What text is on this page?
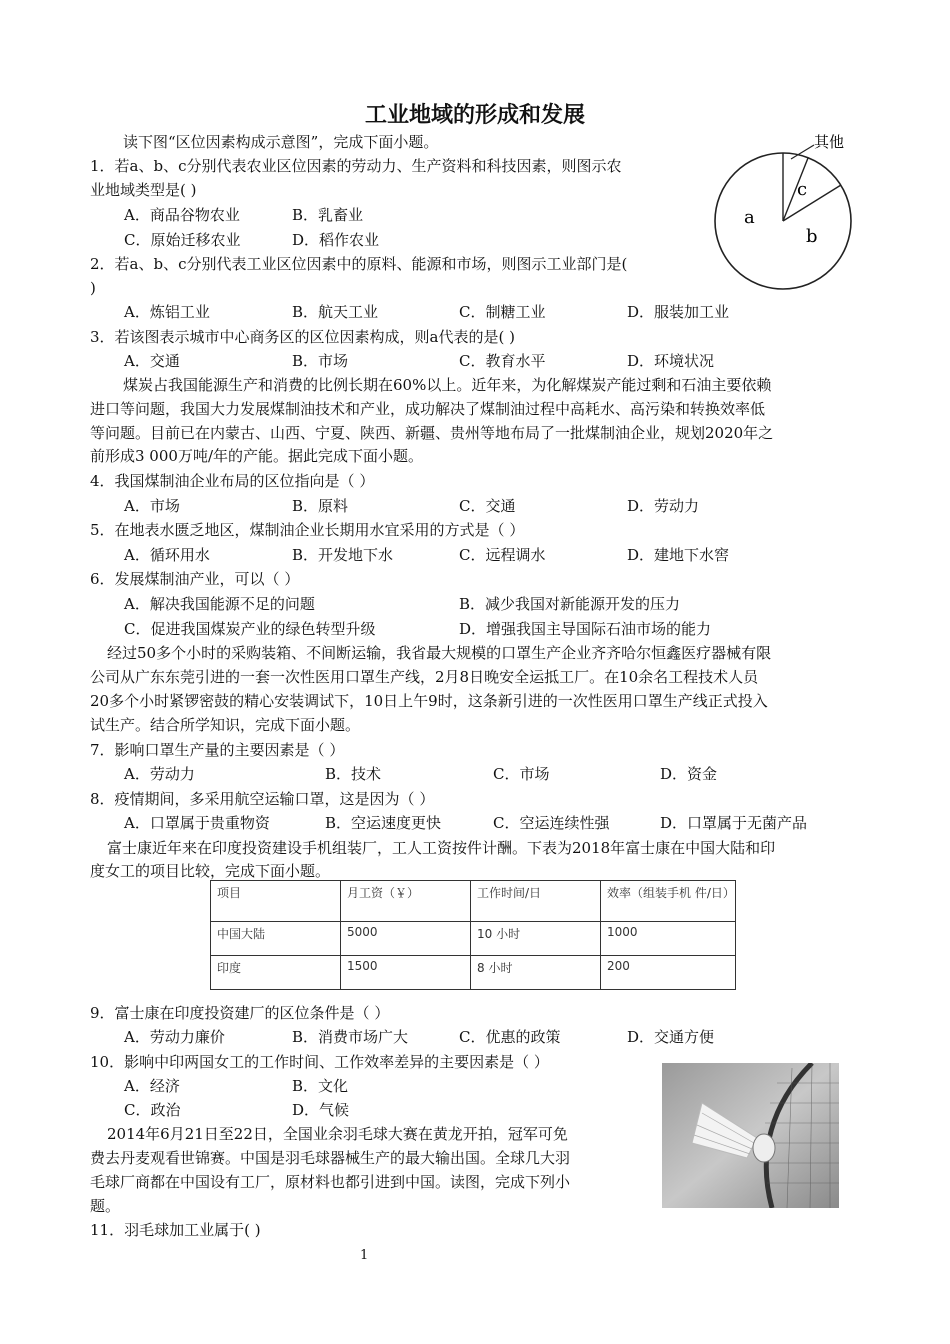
工业地域的形成和发展
读下图“区位因素构成示意图”，完成下面小题。
1．若a、b、c分别代表农业区位因素的劳动力、生产资料和科技因素，则图示农
业地域类型是( )
A．商品谷物农业	B．乳畜业
C．原始迁移农业	D．稻作农业
a
b
c
其他
2．若a、b、c分别代表工业区位因素中的原料、能源和市场，则图示工业部门是(
)
A．炼铝工业	B．航天工业	C．制糖工业	D．服装加工业
3．若该图表示城市中心商务区的区位因素构成，则a代表的是( )
A．交通	B．市场	C．教育水平	D．环境状况
煤炭占我国能源生产和消费的比例长期在60%以上。近年来，为化解煤炭产能过剩和石油主要依赖
进口等问题，我国大力发展煤制油技术和产业，成功解决了煤制油过程中高耗水、高污染和转换效率低
等问题。目前已在内蒙古、山西、宁夏、陕西、新疆、贵州等地布局了一批煤制油企业，规划2020年之
前形成3 000万吨/年的产能。据此完成下面小题。
4．我国煤制油企业布局的区位指向是（ ）
A．市场	B．原料	C．交通	D．劳动力
5．在地表水匮乏地区，煤制油企业长期用水宜采用的方式是（ ）
A．循环用水	B．开发地下水	C．远程调水	D．建地下水窖
6．发展煤制油产业，可以（ ）
A．解决我国能源不足的问题	B．减少我国对新能源开发的压力
C．促进我国煤炭产业的绿色转型升级	D．增强我国主导国际石油市场的能力
经过50多个小时的采购装箱、不间断运输，我省最大规模的口罩生产企业齐齐哈尔恒鑫医疗器械有限
公司从广东东莞引进的一套一次性医用口罩生产线，2月8日晚安全运抵工厂。在10余名工程技术人员
20多个小时紧锣密鼓的精心安装调试下，10日上午9时，这条新引进的一次性医用口罩生产线正式投入
试生产。结合所学知识，完成下面小题。
7．影响口罩生产量的主要因素是（ ）
A．劳动力	B．技术	C．市场	D．资金
8．疫情期间，多采用航空运输口罩，这是因为（ ）
A．口罩属于贵重物资	B．空运速度更快	C．空运连续性强	D．口罩属于无菌产品
富士康近年来在印度投资建设手机组装厂，工人工资按件计酬。下表为2018年富士康在中国大陆和印
度女工的项目比较，完成下面小题。
项目	月工资（￥）	工作时间/日	效率（组装手机 件/日）
中国大陆	5000	10 小时	1000
印度	1500	8 小时	200
9．富士康在印度投资建厂的区位条件是（ ）
A．劳动力廉价	B．消费市场广大	C．优惠的政策	D．交通方便
10．影响中印两国女工的工作时间、工作效率差异的主要因素是（ ）
A．经济	B．文化
C．政治	D．气候
2014年6月21日至22日，全国业余羽毛球大赛在黄龙开拍，冠军可免
费去丹麦观看世锦赛。中国是羽毛球器械生产的最大输出国。全球几大羽
毛球厂商都在中国设有工厂，原材料也都引进到中国。读图，完成下列小
题。
11．羽毛球加工业属于( )
1
